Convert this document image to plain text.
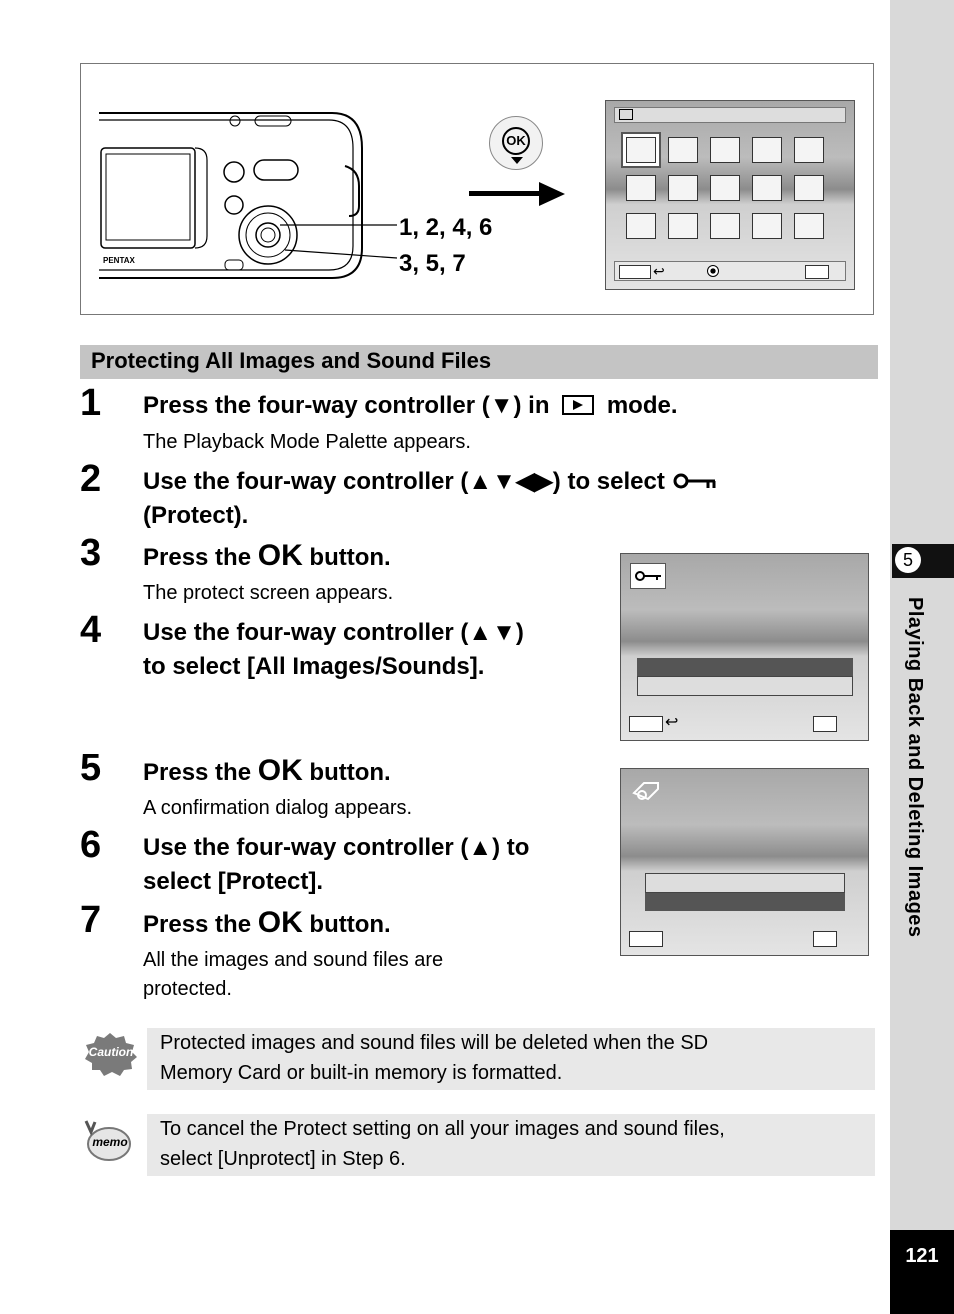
5
Playing Back and Deleting Images
121
PENTAX
1, 2, 4, 6
3, 5, 7
OK
↩
Protecting All Images and Sound Files
1 Press the four-way controller (▼) in mode.
The Playback Mode Palette appears.
2 Use the four-way controller (▲▼◀▶) to select
(Protect).
3 Press the OK button.
The protect screen appears.
4 Use the four-way controller (▲▼)
to select [All Images/Sounds].
↩
5 Press the OK button.
A confirmation dialog appears.
6 Use the four-way controller (▲) to
select [Protect].
7 Press the OK button.
All the images and sound files are
protected.
Caution Protected images and sound files will be deleted when the SD
Memory Card or built-in memory is formatted.
memo
To cancel the Protect setting on all your images and sound files,
select [Unprotect] in Step 6.
